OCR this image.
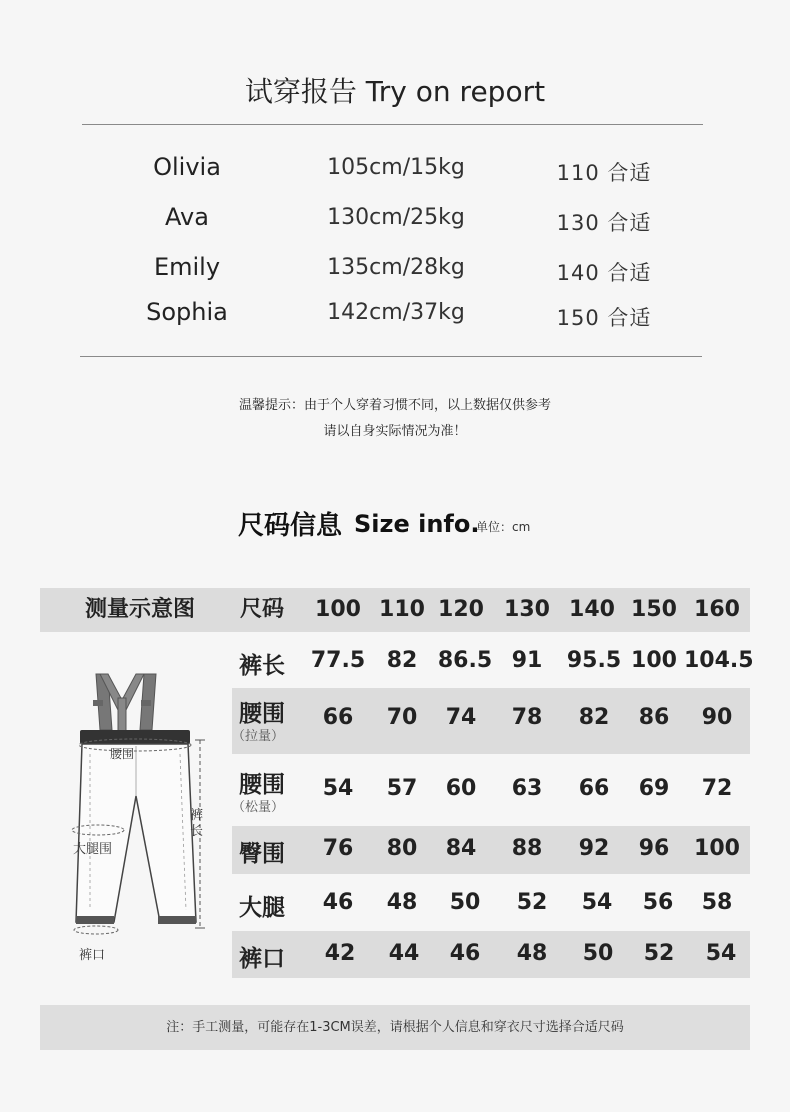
试穿报告 Try on report
Olivia	105cm/15kg	110 合适
Ava	130cm/25kg	130 合适
Emily	135cm/28kg	140 合适
Sophia	142cm/37kg	150 合适
温馨提示：由于个人穿着习惯不同，以上数据仅供参考
请以自身实际情况为准！
尺码信息 Size info.
单位：cm
测量示意图	尺码	100 110 120 130 140 150 160
裤长 77.5 82 86.5 91	95.5 100 104.5
腰围
（拉量）
66	70	74	78	82	86	90
腰围
（松量）
54	57	60	63	66	69	72
臀围	76	80	84	88	92	96	100
大腿	46	48	50	52	54	56	58
裤口	42	44	46	48	50	52	54
腰围
大腿围
裤长
裤口
注：手工测量，可能存在1-3CM误差，请根据个人信息和穿衣尺寸选择合适尺码
